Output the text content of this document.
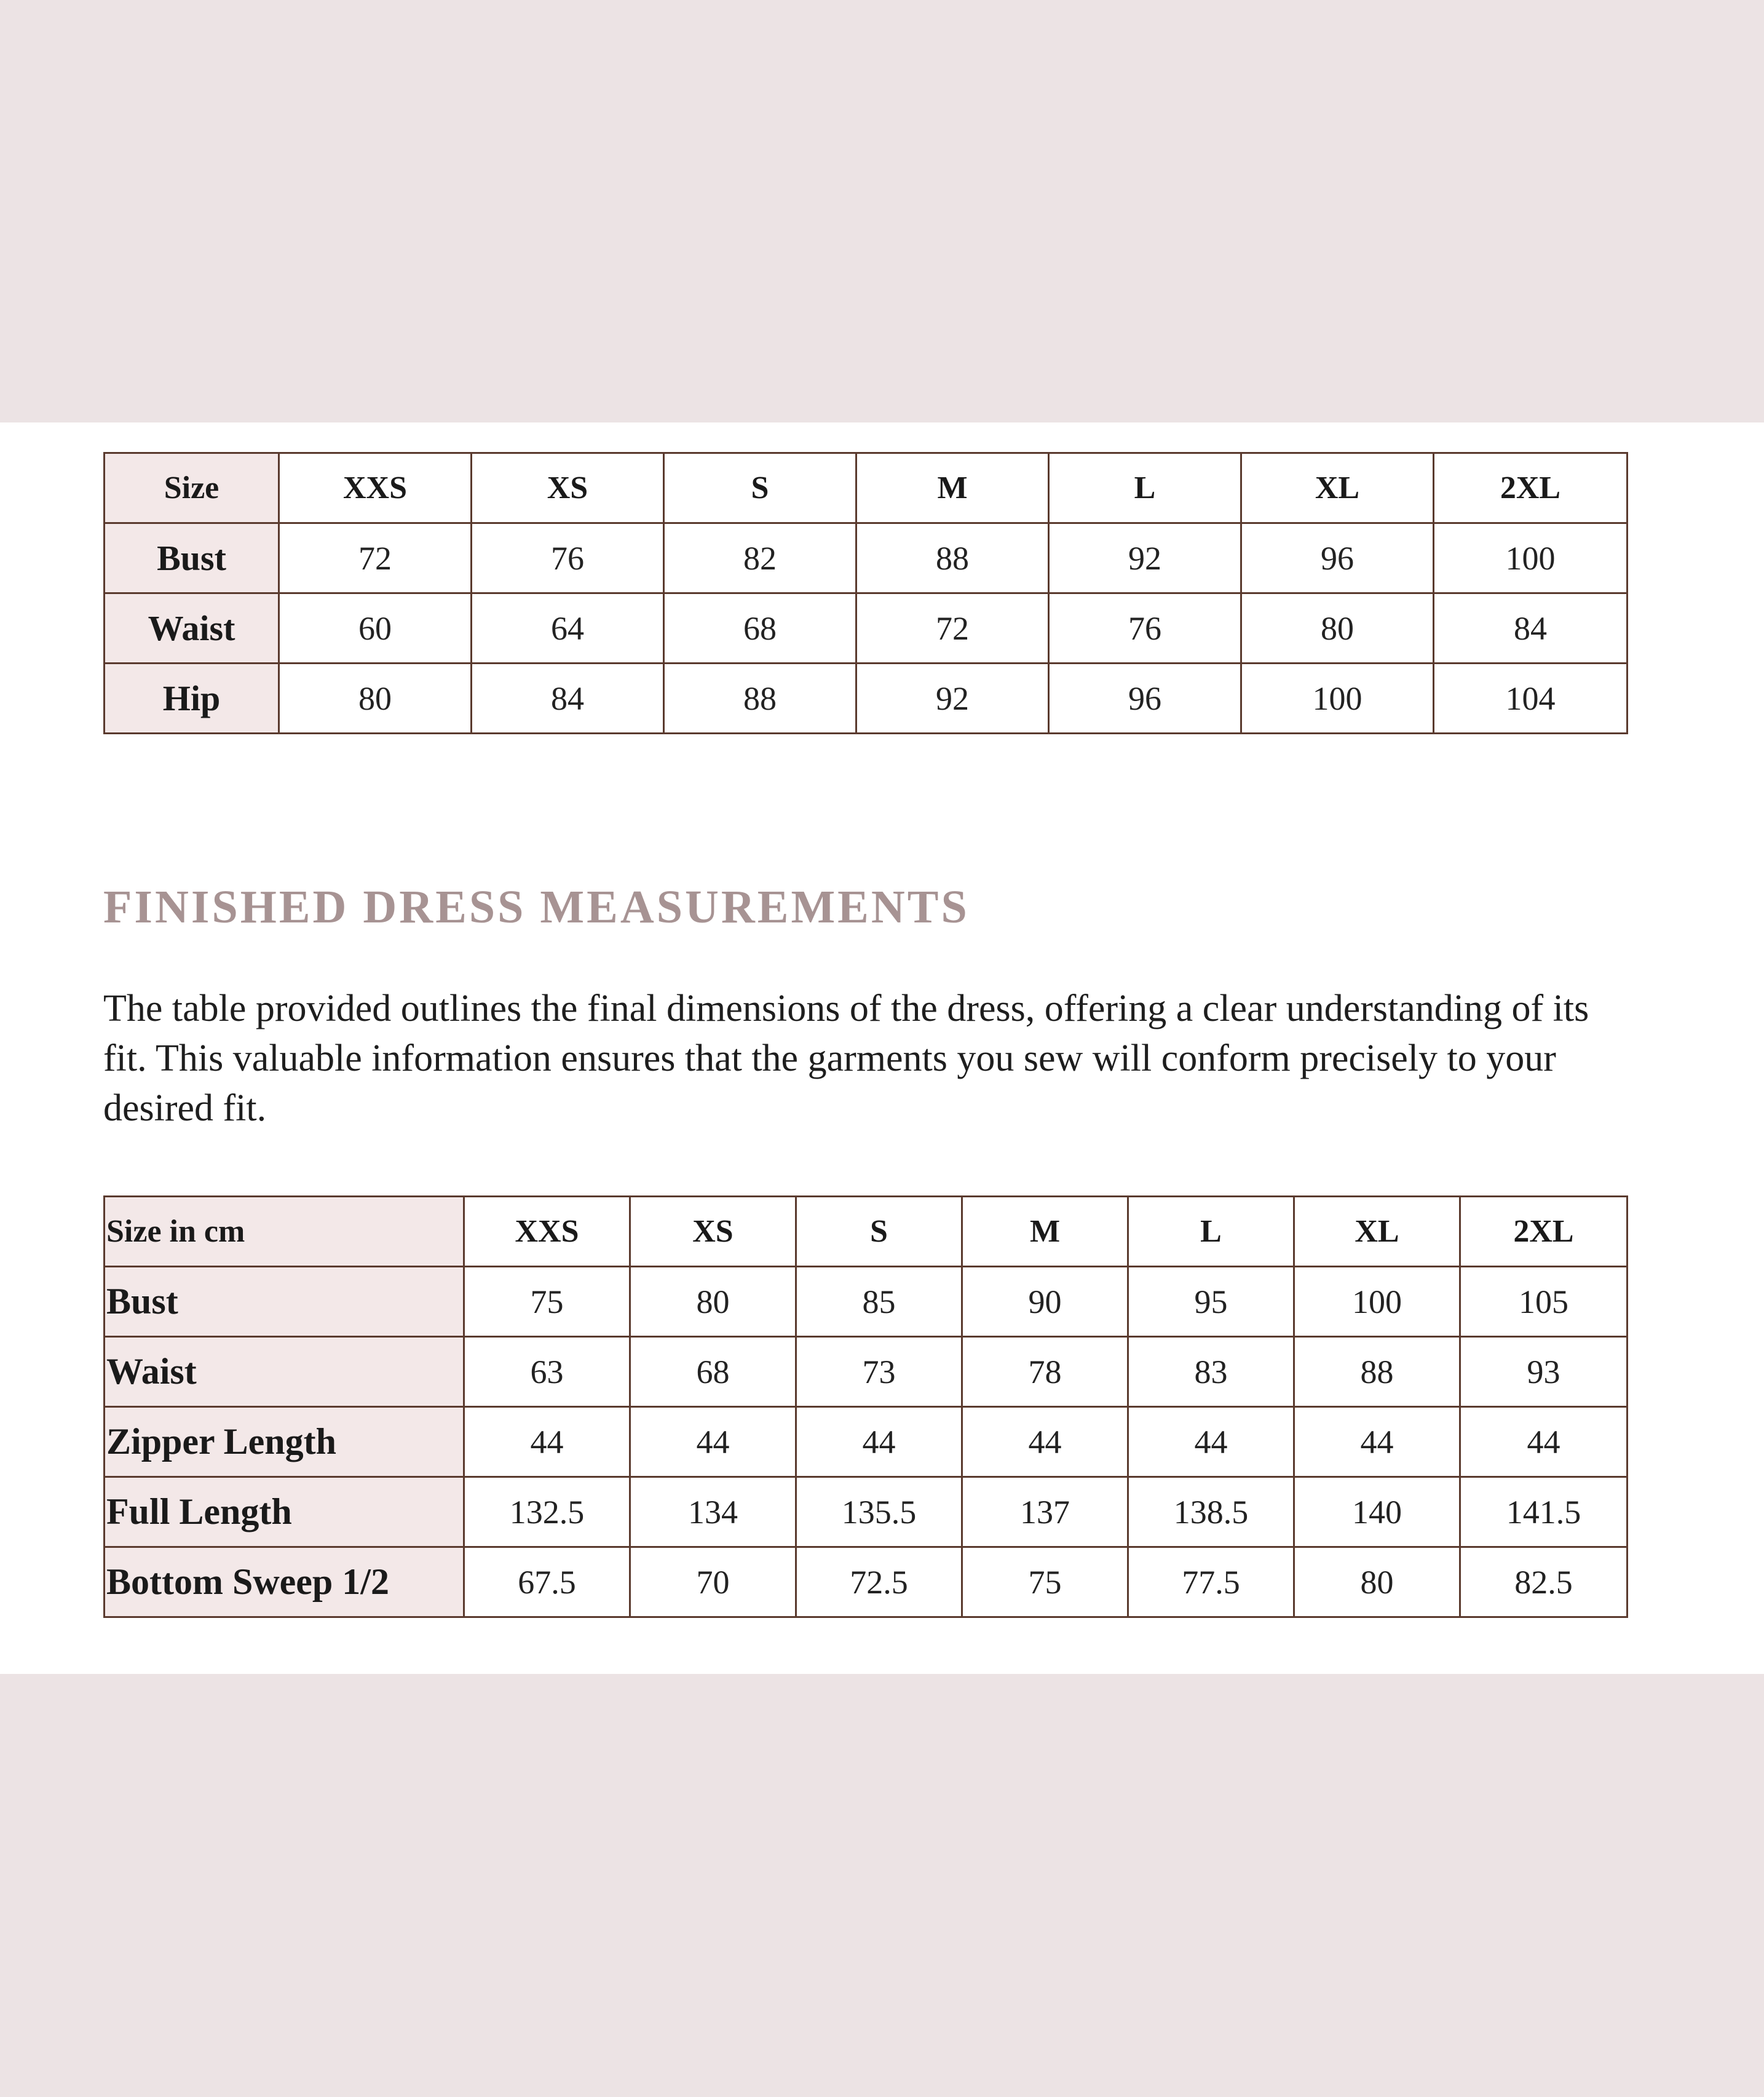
Size	XXS	XS	S	M	L	XL	2XL
Bust	72	76	82	88	92	96	100
Waist	60	64	68	72	76	80	84
Hip	80	84	88	92	96	100	104
FINISHED DRESS MEASUREMENTS

The table provided outlines the final dimensions of the dress, offering a clear understanding of its fit. This valuable information ensures that the garments you sew will conform precisely to your desired fit.

Size in cm	XXS	XS	S	M	L	XL	2XL
Bust	75	80	85	90	95	100	105
Waist	63	68	73	78	83	88	93
Zipper Length	44	44	44	44	44	44	44
Full Length	132.5	134	135.5	137	138.5	140	141.5
Bottom Sweep 1/2	67.5	70	72.5	75	77.5	80	82.5
